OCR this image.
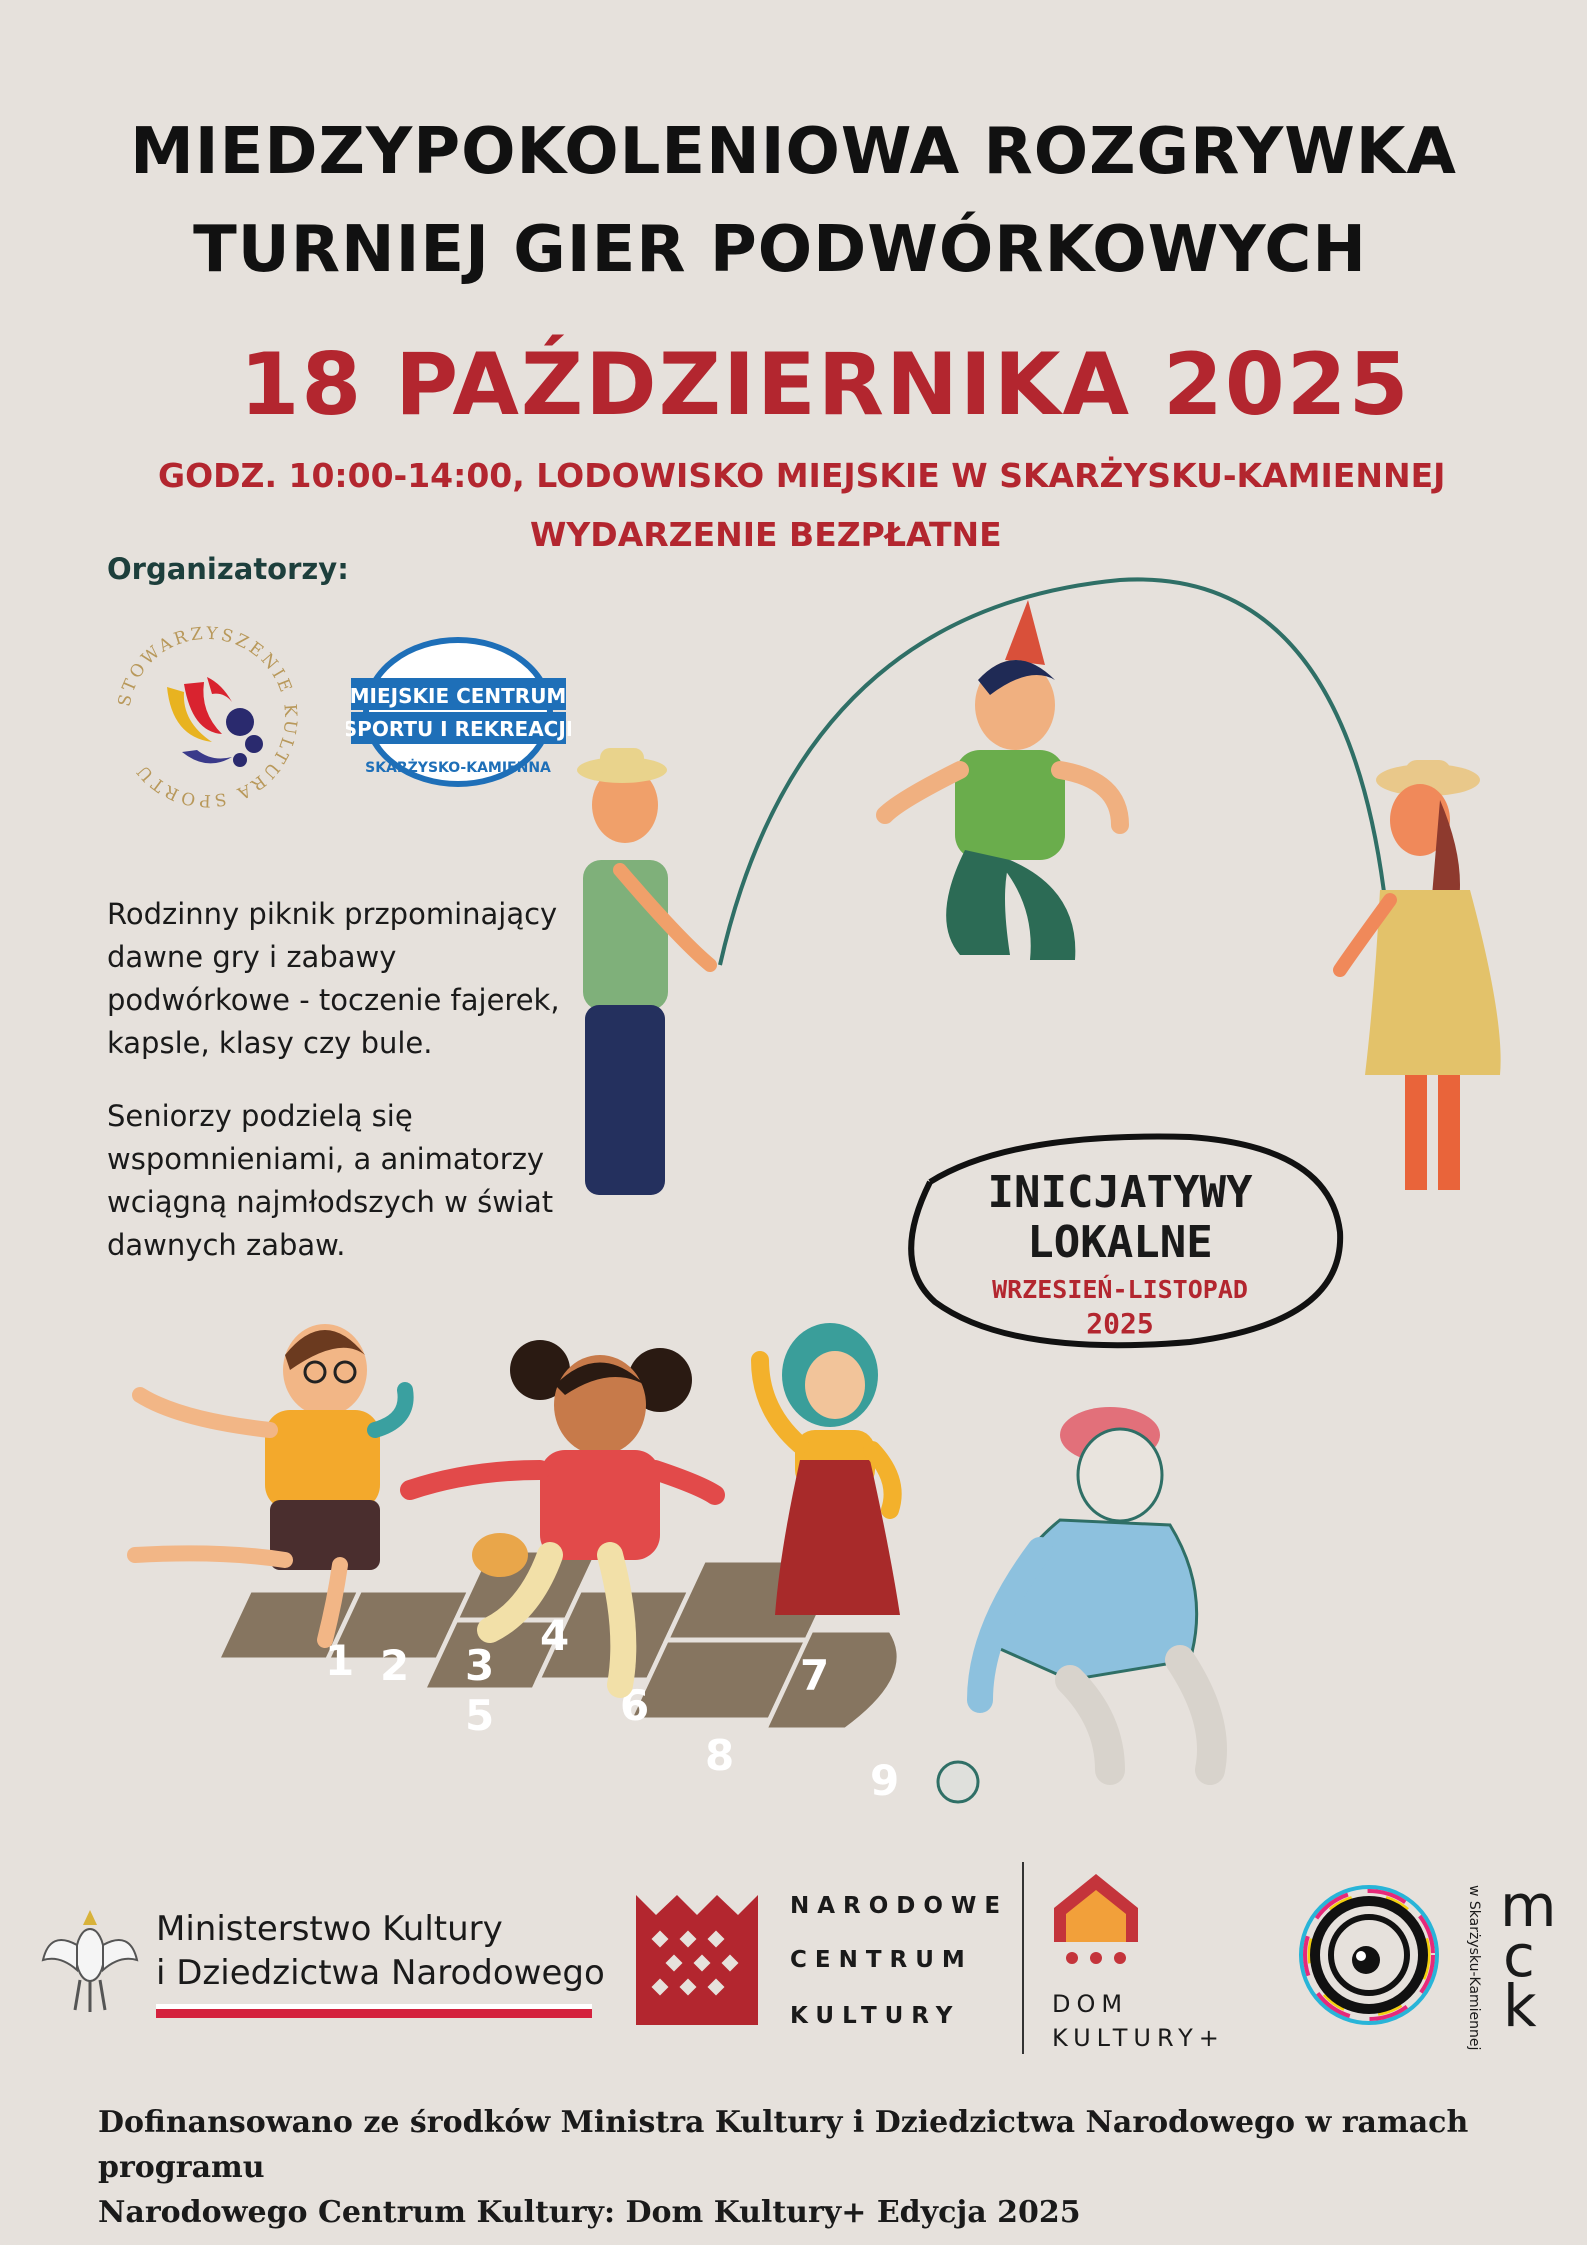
MIEDZYPOKOLENIOWA ROZGRYWKA
TURNIEJ GIER PODWÓRKOWYCH
18 PAŹDZIERNIKA 2025
GODZ. 10:00-14:00, LODOWISKO MIEJSKIE W SKARŻYSKU-KAMIENNEJ
WYDARZENIE BEZPŁATNE
Organizatorzy:
STOWARZYSZENIE KULTURA SPORTU
MIEJSKIE CENTRUM
SPORTU I REKREACJI
SKARŻYSKO-KAMIENNA
Rodzinny piknik przpominający dawne gry i zabawy podwórkowe - toczenie fajerek, kapsle, klasy czy bule.
Seniorzy podzielą się wspomnieniami, a animatorzy wciągną najmłodszych w świat dawnych zabaw.
INICJATYWY
LOKALNE
WRZESIEŃ-LISTOPAD
2025
1 2 3
4
5	6
7
8
9
Ministerstwo Kultury
i Dziedzictwa Narodowego
NARODOWE
CENTRUM
KULTURY	DOM
KULTURY+	w Skarżysku-Kamiennej m
c
k
Dofinansowano ze środków Ministra Kultury i Dziedzictwa Narodowego w ramach programu
Narodowego Centrum Kultury: Dom Kultury+ Edycja 2025
